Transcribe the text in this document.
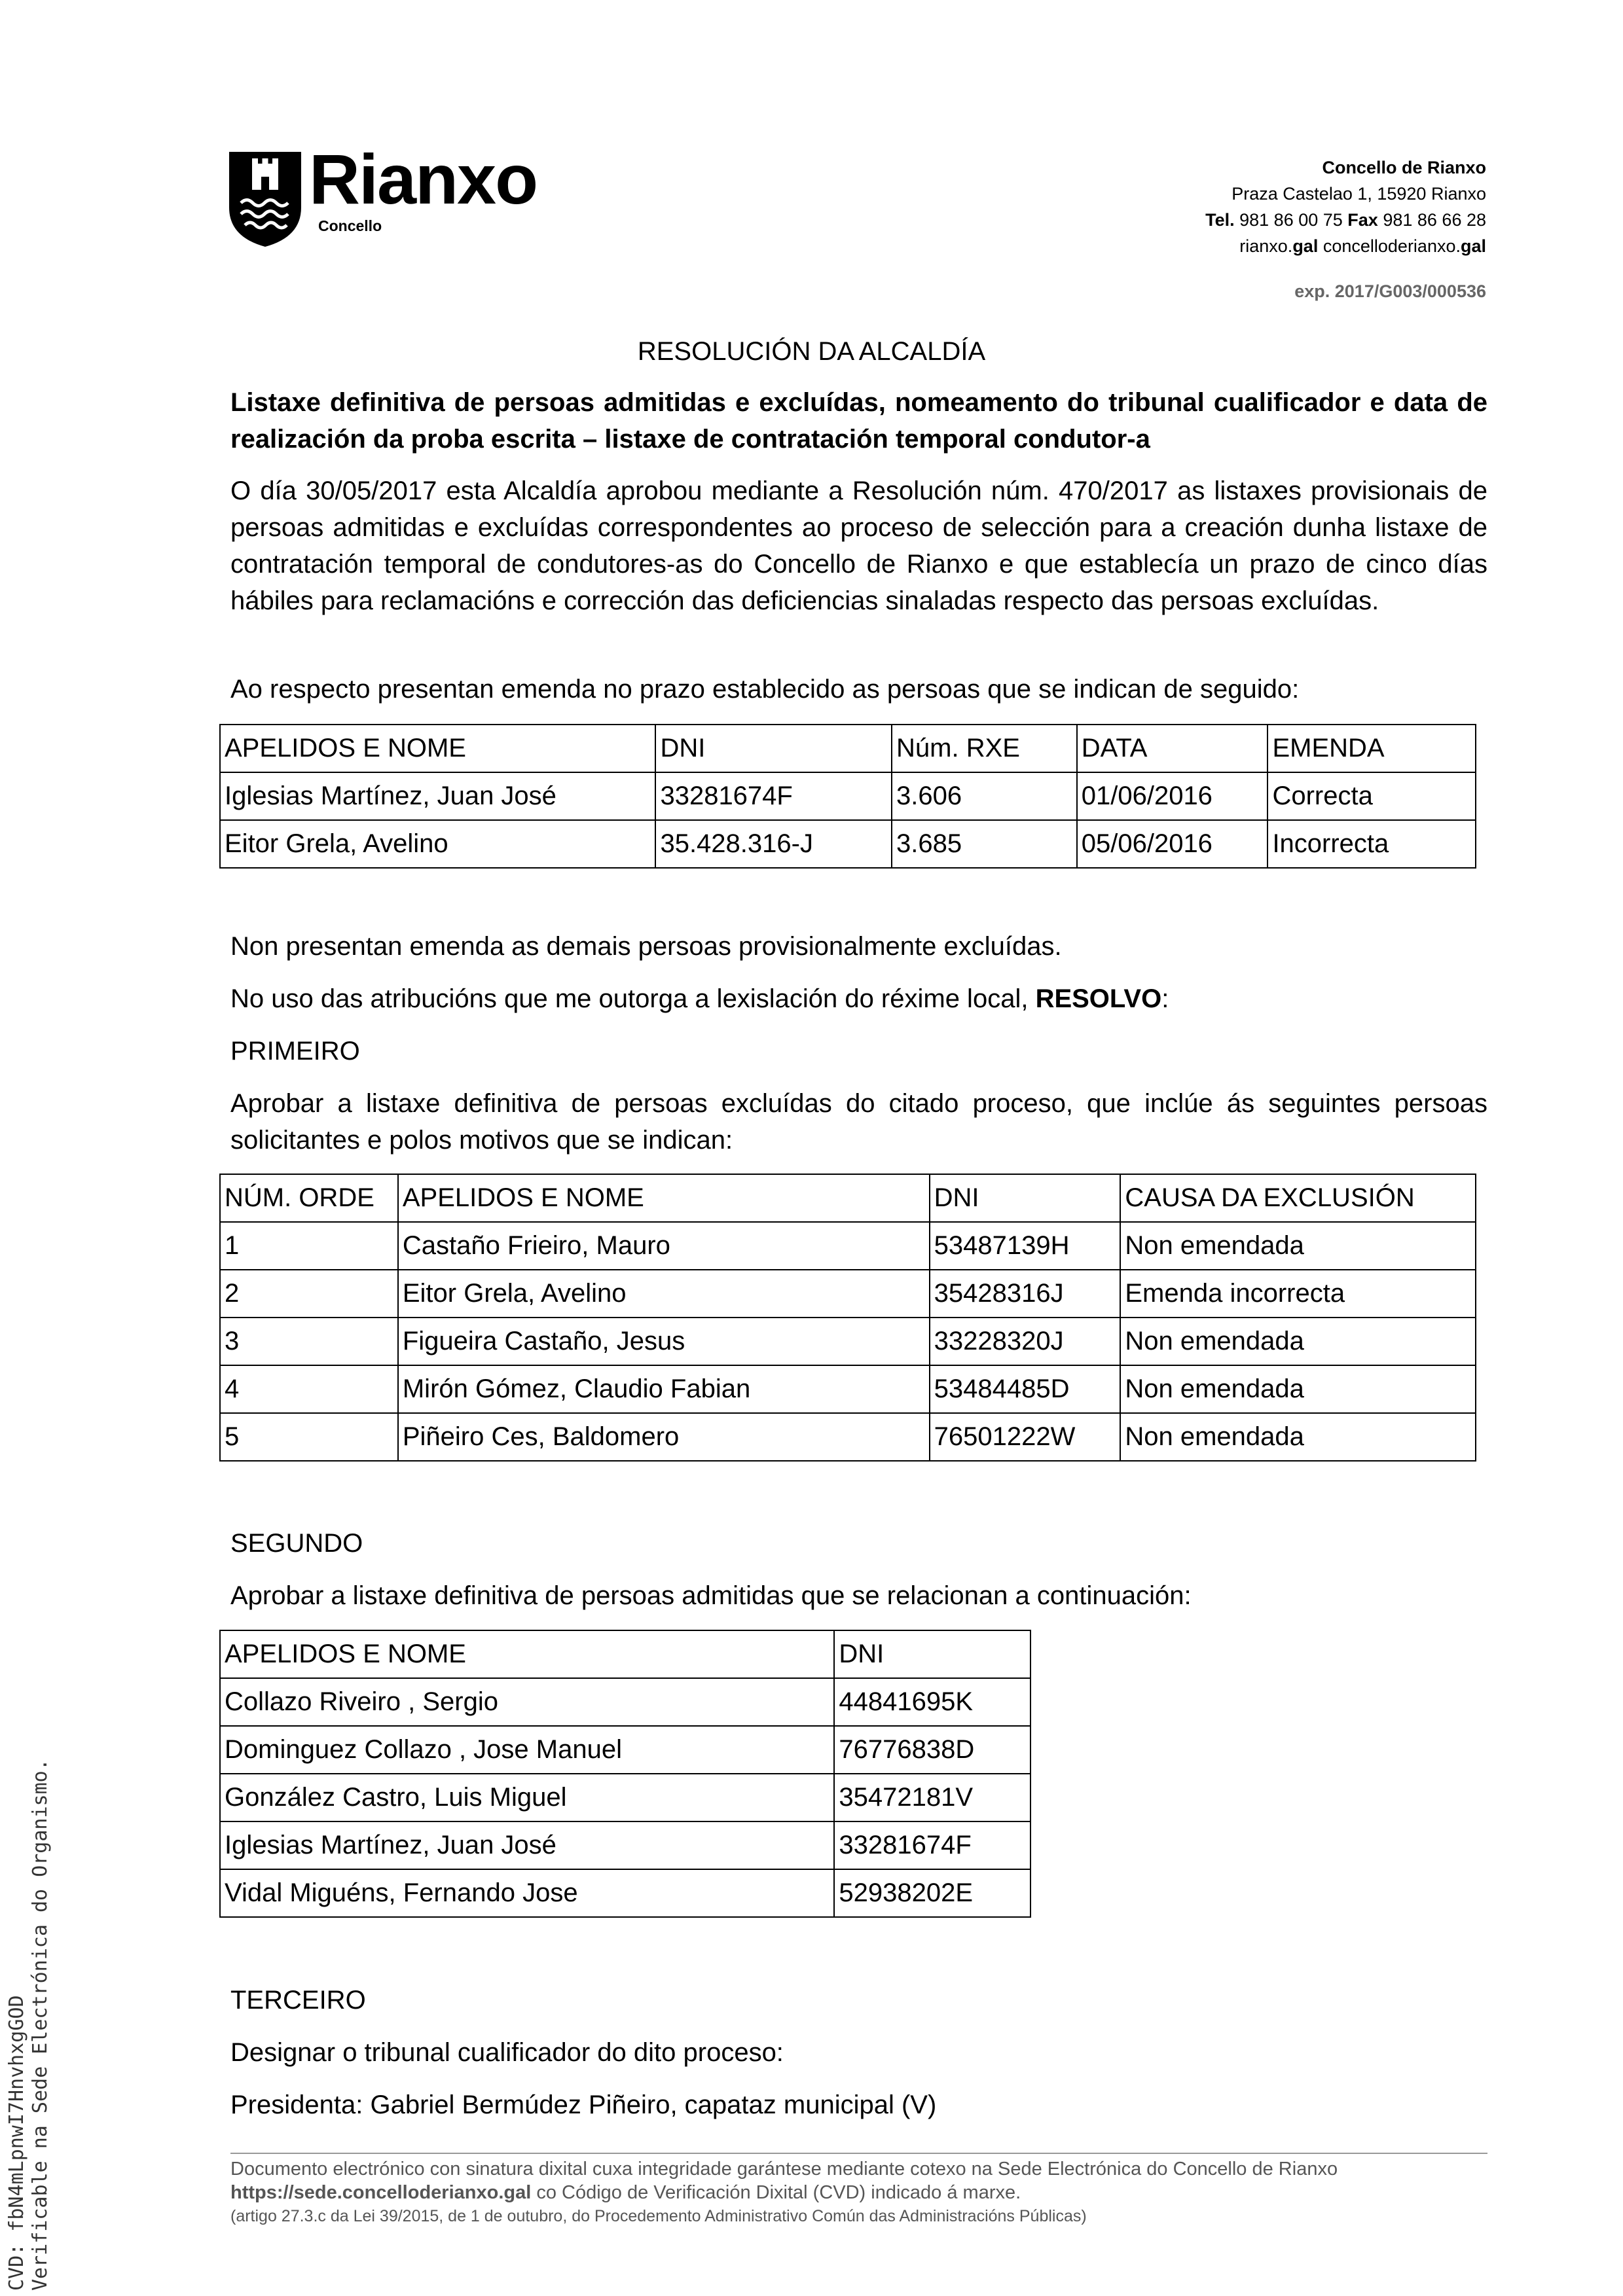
Rianxo
Concello
Concello de Rianxo
Praza Castelao 1, 15920 Rianxo
Tel. 981 86 00 75 Fax 981 86 66 28
rianxo.gal concelloderianxo.gal
exp. 2017/G003/000536
RESOLUCIÓN DA ALCALDÍA
Listaxe definitiva de persoas admitidas e excluídas, nomeamento do tribunal cualificador e data de realización da proba escrita – listaxe de contratación temporal condutor-a
O día 30/05/2017 esta Alcaldía aprobou mediante a Resolución núm. 470/2017 as listaxes provisionais de persoas admitidas e excluídas correspondentes ao proceso de selección para a creación dunha listaxe de contratación temporal de condutores-as do Concello de Rianxo e que establecía un prazo de cinco días hábiles para reclamacións e corrección das deficiencias sinaladas respecto das persoas excluídas.
Ao respecto presentan emenda no prazo establecido as persoas que se indican de seguido:
APELIDOS E NOME	DNI	Núm. RXE	DATA	EMENDA
Iglesias Martínez, Juan José	33281674F	3.606	01/06/2016	Correcta
Eitor Grela, Avelino	35.428.316-J	3.685	05/06/2016	Incorrecta
Non presentan emenda as demais persoas provisionalmente excluídas.
No uso das atribucións que me outorga a lexislación do réxime local, RESOLVO:
PRIMEIRO
Aprobar a listaxe definitiva de persoas excluídas do citado proceso, que inclúe ás seguintes persoas solicitantes e polos motivos que se indican:
NÚM. ORDE	APELIDOS E NOME	DNI	CAUSA DA EXCLUSIÓN
1	Castaño Frieiro, Mauro	53487139H	Non emendada
2	Eitor Grela, Avelino	35428316J	Emenda incorrecta
3	Figueira Castaño, Jesus	33228320J	Non emendada
4	Mirón Gómez, Claudio Fabian	53484485D	Non emendada
5	Piñeiro Ces, Baldomero	76501222W	Non emendada
SEGUNDO
Aprobar a listaxe definitiva de persoas admitidas que se relacionan a continuación:
APELIDOS E NOME	DNI
Collazo Riveiro , Sergio	44841695K
Dominguez Collazo , Jose Manuel	76776838D
González Castro, Luis Miguel	35472181V
Iglesias Martínez, Juan José	33281674F
Vidal Miguéns, Fernando Jose	52938202E
TERCEIRO
Designar o tribunal cualificador do dito proceso:
Presidenta: Gabriel Bermúdez Piñeiro, capataz municipal (V)
Documento electrónico con sinatura dixital cuxa integridade garántese mediante cotexo na Sede Electrónica do Concello de Rianxo
https://sede.concelloderianxo.gal co Código de Verificación Dixital (CVD) indicado á marxe.
(artigo 27.3.c da Lei 39/2015, de 1 de outubro, do Procedemento Administrativo Común das Administracións Públicas)
CVD: fbN4mLpnwI7HnvhxgGOD Verificable na Sede Electrónica do Organismo.
